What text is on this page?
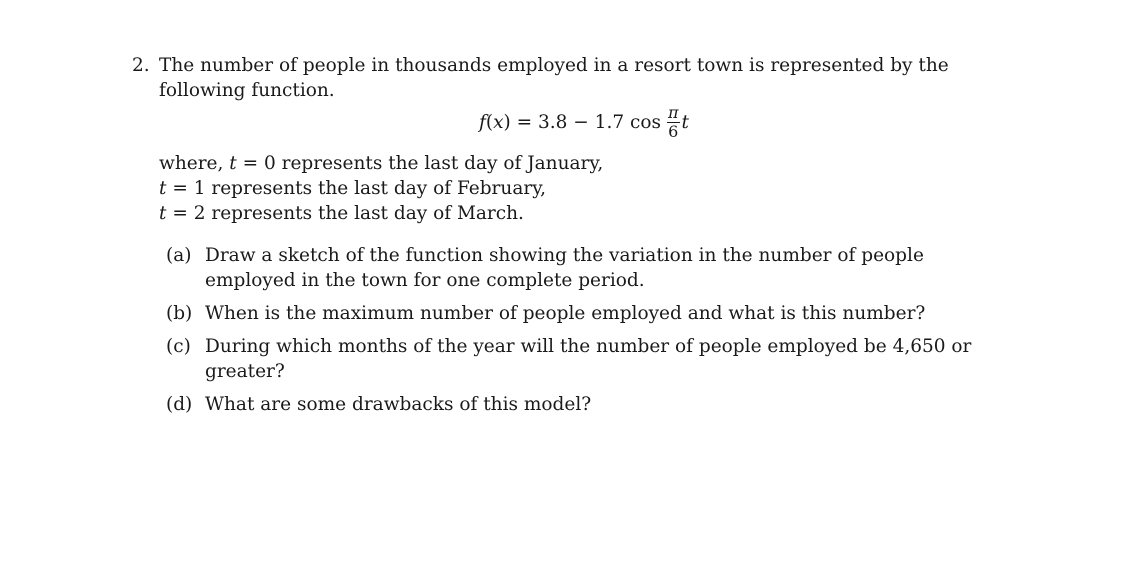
2. The number of people in thousands employed in a resort town is represented by the
following function.
f ( x ) = 3.8 − 1.7 $\cos \frac{\pi}{6}$ t
where, t = 0 represents the last day of January,
t = 1 represents the last day of February,
t = 2 represents the last day of March.
(a) Draw a sketch of the function showing the variation in the number of people employed in the town for one complete period.
(b) When is the maximum number of people employed and what is this number?
(c) During which months of the year will the number of people employed be 4,650 or greater?
(d) What are some drawbacks of this model?
